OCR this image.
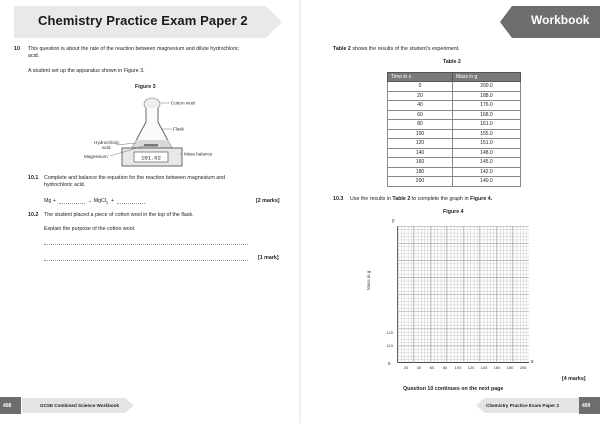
Chemistry Practice Exam Paper 2	Workbook
10 This question is about the rate of the reaction between magnesium and dilute hydrochloric
acid.
A student set up the apparatus shown in Figure 3.
Figure 3
101.02
Cotton wool
Flask
Hydrochloric
acid
Magnesium	Mass balance
10.1 Complete and balance the equation for the reaction between magnesium and
hydrochloric acid.
Mg +	→ MgCl$_2$ +	[2 marks]
10.2 The student placed a piece of cotton wool in the top of the flask.
Explain the purpose of the cotton wool.
[1 mark]
Table 2 shows the results of the student's experiment.
Table 2
Time in s	Mass in g
0	200.0
20	188.0
40	176.0
60	168.0
80	161.0
100	155.0
120	151.0
140	148.0
160	145.0
180	142.0
200	140.0
10.3 Use the results in Table 2 to complete the graph in Figure 4.
Figure 4
y
x
Mass in g
0
110
120
20	40	60	80	100	120	140	160	180	200
[4 marks]
Question 10 continues on the next page
408	GCSE Combined Science Workbook	Chemistry Practice Exam Paper 2	409
